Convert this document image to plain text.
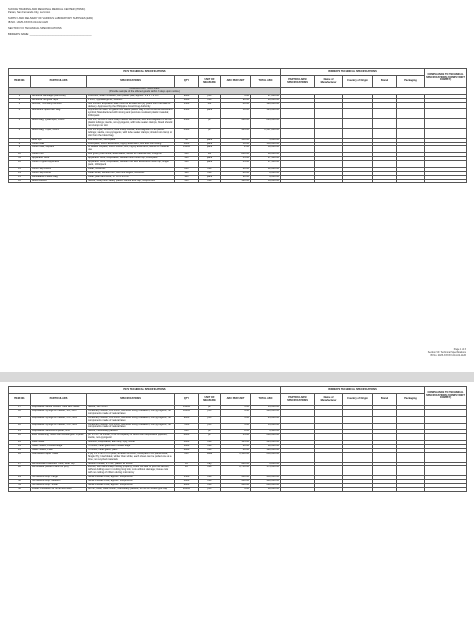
SUOCIE TRAINING AND REGIONAL MEDICAL CENTER (ITRMC)
Parian, San Fernando City, La Union
SUPPLY AND DELIVERY OF VARIOUS LABORATORY SUPPLIES (EPA)
IB NO.: 2025-XXXXX-014-02-1126
SECTION VII: TECHNICAL SPECIFICATIONS
BIDDER'S NAME: ___________________________________________
PE'S TECHNICAL SPECIFICATIONS							BIDDER'S TECHNICAL SPECIFICATIONS					COMPLIANCE TO TECHNICAL SPECIFICATIONS (COMPLY/NOT COMPLY)
ITEM NO.	PARTICULARS	SPECIFICATIONS	QTY	UNIT OF MEASURE	ABC PER UNIT	TOTAL ABC	PARTICULARS/ SPECIFICATIONS	Name of Manufacturer	Country of Origin	Brand	Packaging	

LABORATORY SUPPLIES
(Provide sample of the offered goods within 3 days upon notice)												

1	Adhesive Bandage (Band-Aid)	100s/box, water resistant, with plastic pad, approx. 1.9 x 7.2 cm	9000	pcs	3.00	27,000.00						
2	Adhesive Surgical Tape	1 inch, hypoallergenic, 24s/box	1000	box	90.00	90,000.00						
3	Alcohol, 70% Ethyl Alcohol	500 mL/bot. Expiration date must be at least two (2) years from the date of delivery. Approved by the Philippine Food Drug Authority	1500	bot	80.00	120,000.00						
4	Biohazard Specimen Bag	Imprinted on each 10 gallon Bio waste plastic bag is the universal Biohazard symbol; Manufactured with strong and puncture resistant plastic material; 100s/pack	2500	pack	50.00	125,000.00						
5	Blood Bag, Quadruple, 450cc	450 mL, CPDA-1 Ultra sharp needle siliconized, with anticoagulant in all the plastic tubings; sterile, non-pyrogenic, with tube sealer clamps, blood should not clump nor clot	2500	pc	360.00	895,000.00						
6	Blood Bag, Triple, 450cc	450 mL triple, CPDA-1, ultra sharp needle, anticoagulant in all plastic tubings; sterile, non-pyrogenic, with tube sealer clamps; should not clump or clot from the blood bag	4500	pc	583.00	2,587,000.00						
7	Blue tips	100-1000 uL, 500's/pack	30	pack	150.00	5,000.00						
8	Cotton Ball	100s/pack, 100% absorbent, highly absorbent, soft and non-linting	3000	pack	50.00	150,000.00						
9	Cotton ball, 5s/pack	In sealed 5s/pack, 100% cotton, soft, highly absorbent, sterile for medical use	15000	pack	2.00	30,000.00						
10	Cotton roll	400 g/roll, pure white, absorbable, sterile for medical use, 454g/roll	300	roll	200.00	60,000.00						
11	Applicator Stick	Applicator Stick, disposable, wooden with cotton tip, 100s/pack	500	pack	35.00	17,500.00						
12	Cotton Tipped Applicator	Applicator Stick, disposable, wooden rod with absorbent cotton tip, single pack, 100s/pack	500	pack	35.00	17,500.00						
13	Cover Slip 22x22	Clear, 100s/box	200	box	60.00	12,000.00						
14	Cover Slip 22x40	Clear white, without burr, with fine edges, 100s/box	100	box	80.00	8,000.00						
15	Resealable Plastic Bag	Clear, plain and thick, 17 cm x 25 cm	100	pack	90.00	9,000.00						
16	Blood Lancet	Sterile, sharp with safety plastic handle and cap, 100pcs/box	300	box	120.00	36,000.00						
Page 1 of 3
Section VII: Technical Specifications
IB No. 2025-XXXXX-014-02-1126
PE'S TECHNICAL SPECIFICATIONS							BIDDER'S TECHNICAL SPECIFICATIONS					COMPLIANCE TO TECHNICAL SPECIFICATIONS (COMPLY/NOT COMPLY)
ITEM NO.	PARTICULARS	SPECIFICATIONS	QTY	UNIT OF MEASURE	ABC PER UNIT	TOTAL ABC	PARTICULARS/ SPECIFICATIONS	Name of Manufacturer	Country of Origin	Brand	Packaging	
17	Disposable Sterile Culture Tube with Swab	Sterile, 12x75mm	13000	pc	5.00	65,000.00						
18	Disposable Syringe w/ needle, 1cc, G25	Ultrasharp needle, 100's/box, sterilized using irradiation, non-pyrogenic, no components made of natural latex	10000	pcs	4.90	490,000.00						
19	Disposable Syringe w/ needle, 3 cc, G23	Ultrasharp needle, 100's/box, sterilized using irradiation, non-pyrogenic, no components made of natural latex	9000	pcs	5.00	45,000.00						
20	Disposable Syringe w/ needle, 5 cc, G23	Ultrasharp needle, 100's/box, sterilized using irradiation, non-pyrogenic, no components made of natural latex	7000	pcs	5.00	35,000.00						
21	Disposable Sterilized Pipette, 1mL	Sterile, individually packed	800	pc	8.00	6,400.00						
22	ESR Collecting Tubes with Westergren Pipette	pH 6.5 +/- Ni shown, 0.38 ml capacity of Blood with disposable pipettes, sterile, non-pyrogenic	8000	pc	35.00	280,000.00						
23	Face Mask	50s/box, Disposable, Ear loop, 3ply, White	3000	box	115.00	345,000.00						
24	Glass Slides, Frosted Edge	72's/box, clear glass with frosted edge	1000	box	60.00	60,000.00						
25	Glass Slides, Plain	72's/box, clear glass, plain	2000	box	60.00	120,000.00						
26	Interfolded Paper Towel	1 ply 9 x 1.4m x 175 pulls, at least 3D 2000; 150s/pack x 20 packs/case; Single Ply; Interfolded, whiter than white; each sheet can be pulled one at a time; no recycled materials	200	case	1,150.00	230,000.00						
27	Microbiostat Collection Tube, Blue Top	Sodium Citrate, 2.5 mL, plastic w/ screw	10	tray	680.00	6,800.00						
28	Microblade (Blister Pack/ 20 pcs)	20/box, with ultra-sharp cutting property; Does not tear or pull the section; without dulling even in cutting long lots; cuts without damage; tissue cuts with no cutting of ribbon during microtomy	20	box	8,750.00	175,000.00						
29	NS Gloves Drop: Large	Nitrile Powder Free, approx. 100pcs/box	1500	box	300.00	450,000.00						
30	NS Gloves Drop: Medium	Nitrile Powder Free, approx. 100pcs/box	3000	box	300.00	900,000.00						
31	NS Gloves Drop: Small	Nitrile Powder Free, approx. 100pcs/box	2000	box	300.00	600,000.00						
32	Plastic Container for urine and stool	60 mL, clear, wide-mouth, individually packed, 60 mL w/ screw type cap	20000	pcs	3.00	60,000.00						
